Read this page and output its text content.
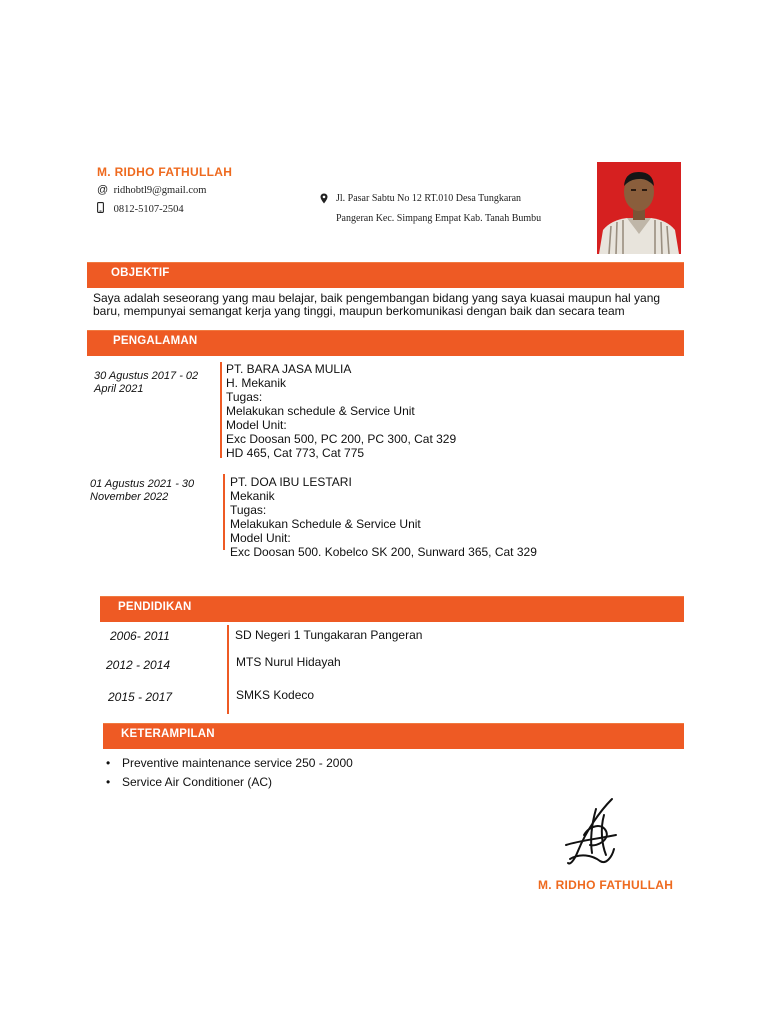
M. RIDHO FATHULLAH
@ ridhobtl9@gmail.com
0812-5107-2504
Jl. Pasar Sabtu No 12 RT.010 Desa Tungkaran Pangeran Kec. Simpang Empat Kab. Tanah Bumbu
OBJEKTIF
Saya adalah seseorang yang mau belajar, baik pengembangan bidang yang saya kuasai maupun hal yang
baru, mempunyai semangat kerja yang tinggi, maupun berkomunikasi dengan baik dan secara team
PENGALAMAN
30 Agustus 2017 - 02
April 2021
PT. BARA JASA MULIA
H. Mekanik
Tugas:
Melakukan schedule & Service Unit
Model Unit:
Exc Doosan 500, PC 200, PC 300, Cat 329
HD 465, Cat 773, Cat 775
01 Agustus 2021 - 30
November 2022
PT. DOA IBU LESTARI
Mekanik
Tugas:
Melakukan Schedule & Service Unit
Model Unit:
Exc Doosan 500. Kobelco SK 200, Sunward 365, Cat 329
PENDIDIKAN
2006- 2011	SD Negeri 1 Tungakaran Pangeran
2012 - 2014	MTS Nurul Hidayah
2015 - 2017	SMKS Kodeco
KETERAMPILAN
• Preventive maintenance service 250 - 2000
• Service Air Conditioner (AC)
M. RIDHO FATHULLAH
